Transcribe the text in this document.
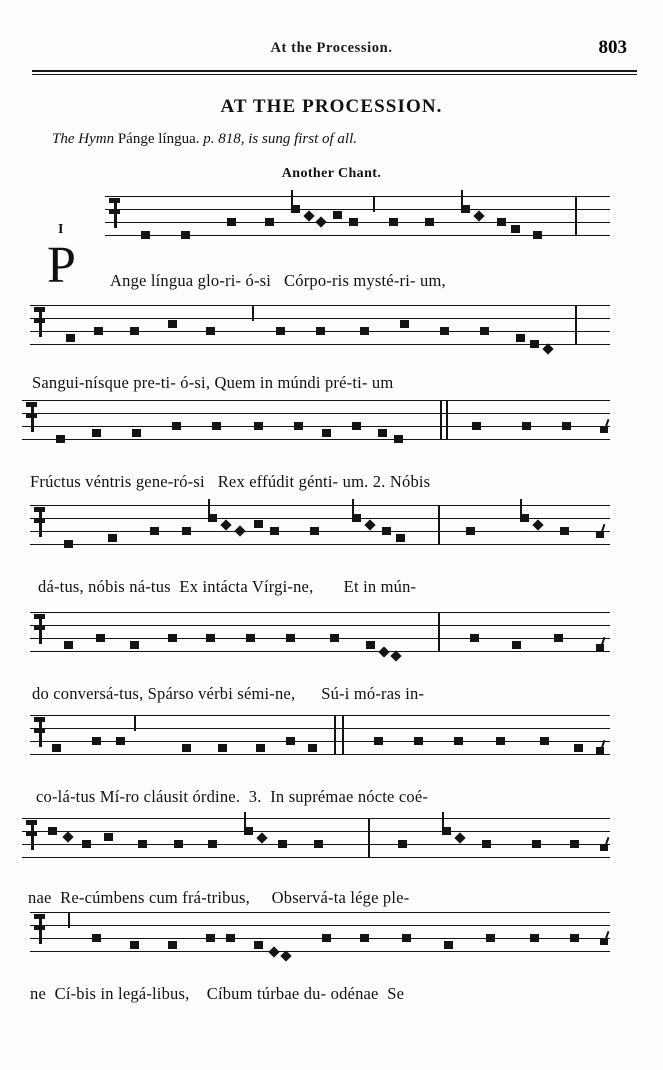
At the Procession.	803
AT THE PROCESSION.
The Hymn Pánge língua. p. 818, is sung first of all.
Another Chant.
I
P Ange língua glo-ri- ó-si   Córpo-ris mysté-ri- um,
Sangui-nísque pre-ti- ó-si, Quem in múndi pré-ti- um
Frúctus véntris gene-ró-si   Rex effúdit génti- um. 2. Nóbis
dá-tus, nóbis ná-tus  Ex intácta Vírgi-ne,       Et in mún-
do conversá-tus, Spárso vérbi sémi-ne,      Sú-i mó-ras in-
co-lá-tus Mí-ro cláusit órdine.  3.  In suprémae nócte coé-
nae  Re-cúmbens cum frá-tribus,     Observá-ta lége ple-
ne  Cí-bis in legá-libus,    Cíbum túrbae du- odénae  Se
